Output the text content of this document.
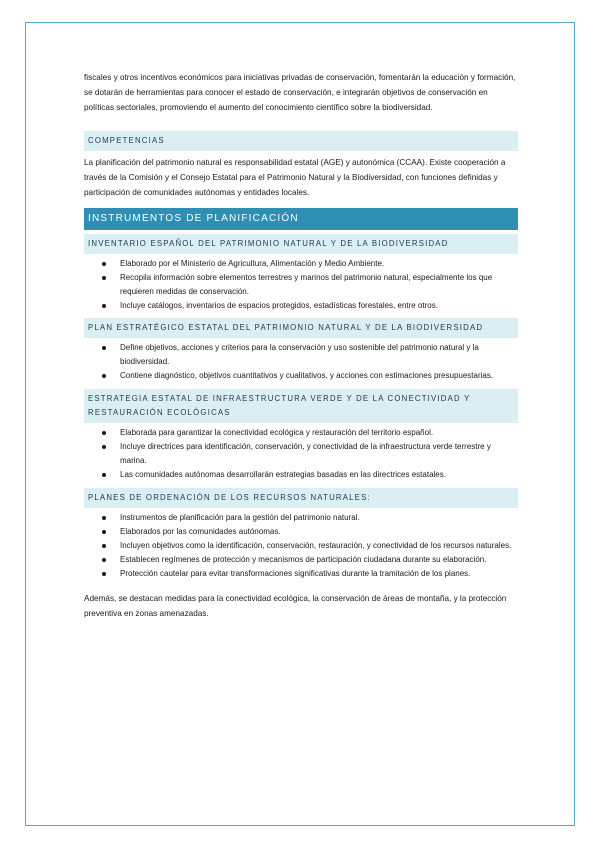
fiscales y otros incentivos económicos para iniciativas privadas de conservación, fomentarán la educación y formación, se dotarán de herramientas para conocer el estado de conservación, e integrarán objetivos de conservación en políticas sectoriales, promoviendo el aumento del conocimiento científico sobre la biodiversidad.

COMPETENCIAS

La planificación del patrimonio natural es responsabilidad estatal (AGE) y autonómica (CCAA). Existe cooperación a través de la Comisión y el Consejo Estatal para el Patrimonio Natural y la Biodiversidad, con funciones definidas y participación de comunidades autónomas y entidades locales.

INSTRUMENTOS DE PLANIFICACIÓN
INVENTARIO ESPAÑOL DEL PATRIMONIO NATURAL Y DE LA BIODIVERSIDAD
Elaborado por el Ministerio de Agricultura, Alimentación y Medio Ambiente.
Recopila información sobre elementos terrestres y marinos del patrimonio natural, especialmente los que requieren medidas de conservación.
Incluye catálogos, inventarios de espacios protegidos, estadísticas forestales, entre otros.
PLAN ESTRATÉGICO ESTATAL DEL PATRIMONIO NATURAL Y DE LA BIODIVERSIDAD
Define objetivos, acciones y criterios para la conservación y uso sostenible del patrimonio natural y la biodiversidad.
Contiene diagnóstico, objetivos cuantitativos y cualitativos, y acciones con estimaciones presupuestarias.
ESTRATEGIA ESTATAL DE INFRAESTRUCTURA VERDE Y DE LA CONECTIVIDAD Y RESTAURACIÓN ECOLÓGICAS
Elaborada para garantizar la conectividad ecológica y restauración del territorio español.
Incluye directrices para identificación, conservación, y conectividad de la infraestructura verde terrestre y marina.
Las comunidades autónomas desarrollarán estrategias basadas en las directrices estatales.
PLANES DE ORDENACIÓN DE LOS RECURSOS NATURALES:
Instrumentos de planificación para la gestión del patrimonio natural.
Elaborados por las comunidades autónomas.
Incluyen objetivos como la identificación, conservación, restauración, y conectividad de los recursos naturales.
Establecen regímenes de protección y mecanismos de participación ciudadana durante su elaboración.
Protección cautelar para evitar transformaciones significativas durante la tramitación de los planes.

Además, se destacan medidas para la conectividad ecológica, la conservación de áreas de montaña, y la protección preventiva en zonas amenazadas.
